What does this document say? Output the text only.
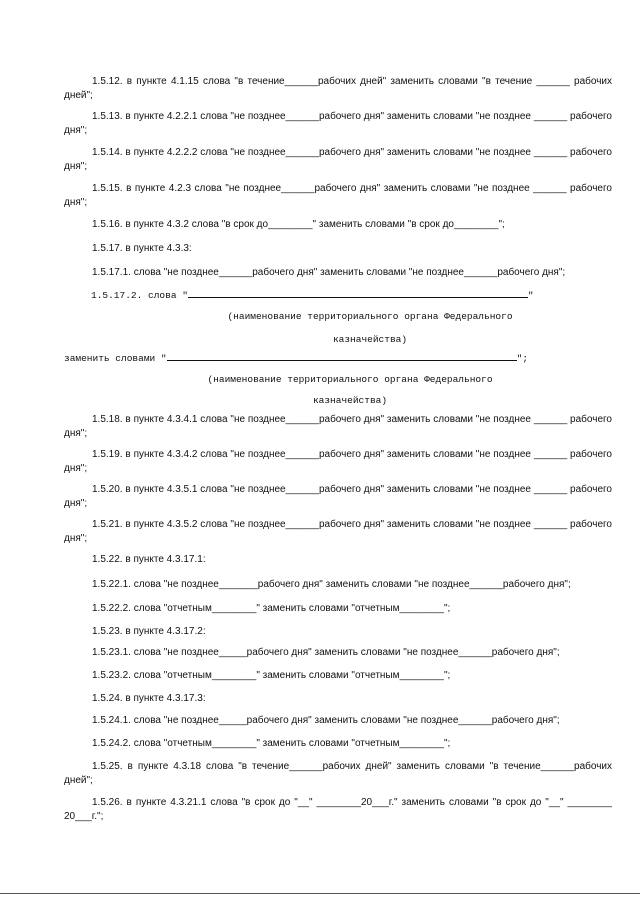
1.5.12. в пункте 4.1.15 слова "в течение______рабочих дней" заменить словами "в течение ______ рабочих дней";

1.5.13. в пункте 4.2.2.1 слова "не позднее______рабочего дня" заменить словами "не позднее ______ рабочего дня";

1.5.14. в пункте 4.2.2.2 слова "не позднее______рабочего дня" заменить словами "не позднее ______ рабочего дня";

1.5.15. в пункте 4.2.3 слова "не позднее______рабочего дня" заменить словами "не позднее ______ рабочего дня";

1.5.16. в пункте 4.3.2 слова "в срок до________" заменить словами "в срок до________";

1.5.17. в пункте 4.3.3:

1.5.17.1. слова "не позднее______рабочего дня" заменить словами "не позднее______рабочего дня";

1.5.17.2. слова "	"

(наименование территориального органа Федерального

казначейства)

заменить словами "	";

(наименование территориального органа Федерального

казначейства)

1.5.18. в пункте 4.3.4.1 слова "не позднее______рабочего дня" заменить словами "не позднее ______ рабочего дня";

1.5.19. в пункте 4.3.4.2 слова "не позднее______рабочего дня" заменить словами "не позднее ______ рабочего дня";

1.5.20. в пункте 4.3.5.1 слова "не позднее______рабочего дня" заменить словами "не позднее ______ рабочего дня";

1.5.21. в пункте 4.3.5.2 слова "не позднее______рабочего дня" заменить словами "не позднее ______ рабочего дня";

1.5.22. в пункте 4.3.17.1:

1.5.22.1. слова "не позднее_______рабочего дня" заменить словами "не позднее______рабочего дня";

1.5.22.2. слова "отчетным________" заменить словами "отчетным________";

1.5.23. в пункте 4.3.17.2:

1.5.23.1. слова "не позднее_____рабочего дня" заменить словами "не позднее______рабочего дня";

1.5.23.2. слова "отчетным________" заменить словами "отчетным________";

1.5.24. в пункте 4.3.17.3:

1.5.24.1. слова "не позднее_____рабочего дня" заменить словами "не позднее______рабочего дня";

1.5.24.2. слова "отчетным________" заменить словами "отчетным________";

1.5.25. в пункте 4.3.18 слова "в течение______рабочих дней" заменить словами "в течение______рабочих дней";

1.5.26. в пункте 4.3.21.1 слова "в срок до "__" ________20___г." заменить словами "в срок до "__" ________ 20___г.";
